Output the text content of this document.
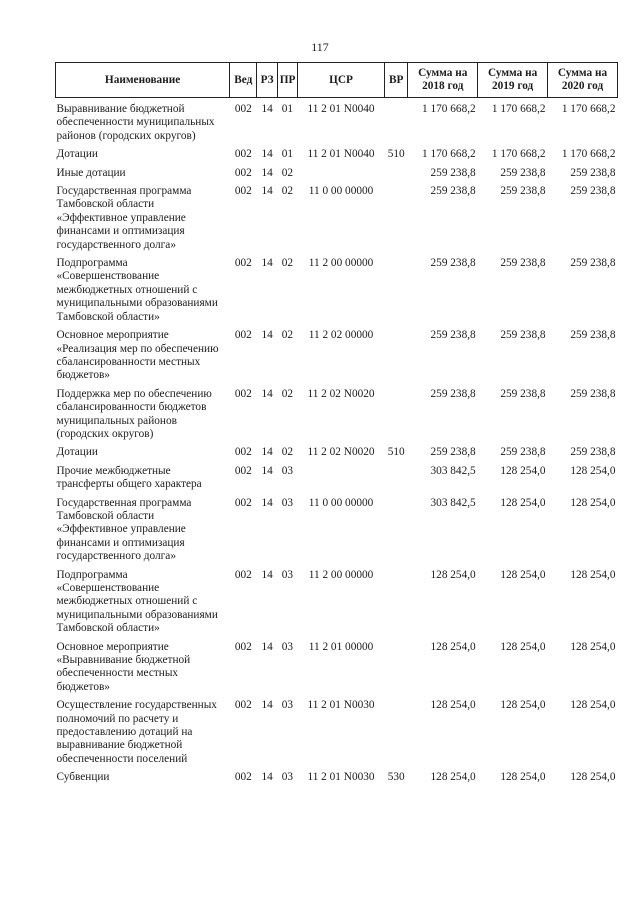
117
Наименование	Вед	РЗ	ПР	ЦСР	ВР	Сумма на 2018 год	Сумма на 2019 год	Сумма на 2020 год
Выравнивание бюджетной обеспеченности муниципальных районов (городских округов)	002	14	01	11 2 01 N0040		1 170 668,2	1 170 668,2	1 170 668,2
Дотации	002	14	01	11 2 01 N0040	510	1 170 668,2	1 170 668,2	1 170 668,2
Иные дотации	002	14	02			259 238,8	259 238,8	259 238,8
Государственная программа Тамбовской области «Эффективное управление финансами и оптимизация государственного долга»	002	14	02	11 0 00 00000		259 238,8	259 238,8	259 238,8
Подпрограмма «Совершенствование межбюджетных отношений с муниципальными образованиями Тамбовской области»	002	14	02	11 2 00 00000		259 238,8	259 238,8	259 238,8
Основное мероприятие «Реализация мер по обеспечению сбалансированности местных бюджетов»	002	14	02	11 2 02 00000		259 238,8	259 238,8	259 238,8
Поддержка мер по обеспечению сбалансированности бюджетов муниципальных районов (городских округов)	002	14	02	11 2 02 N0020		259 238,8	259 238,8	259 238,8
Дотации	002	14	02	11 2 02 N0020	510	259 238,8	259 238,8	259 238,8
Прочие межбюджетные трансферты общего характера	002	14	03			303 842,5	128 254,0	128 254,0
Государственная программа Тамбовской области «Эффективное управление финансами и оптимизация государственного долга»	002	14	03	11 0 00 00000		303 842,5	128 254,0	128 254,0
Подпрограмма «Совершенствование межбюджетных отношений с муниципальными образованиями Тамбовской области»	002	14	03	11 2 00 00000		128 254,0	128 254,0	128 254,0
Основное мероприятие «Выравнивание бюджетной обеспеченности местных бюджетов»	002	14	03	11 2 01 00000		128 254,0	128 254,0	128 254,0
Осуществление государственных полномочий по расчету и предоставлению дотаций на выравнивание бюджетной обеспеченности поселений	002	14	03	11 2 01 N0030		128 254,0	128 254,0	128 254,0
Субвенции	002	14	03	11 2 01 N0030	530	128 254,0	128 254,0	128 254,0
